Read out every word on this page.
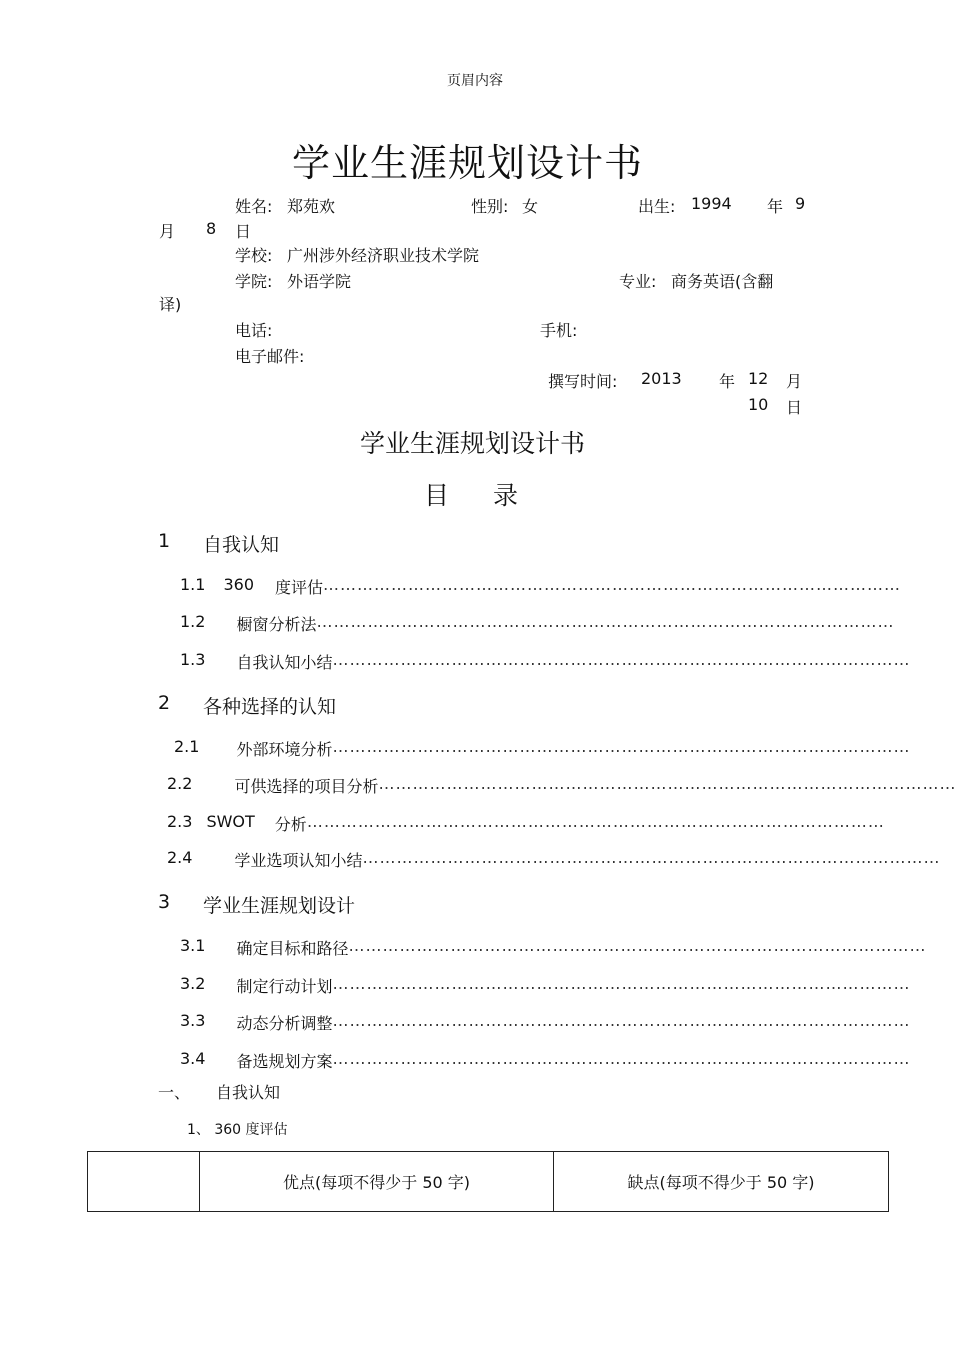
页眉内容
学业生涯规划设计书
姓名: 郑苑欢	性别: 女	出生: 1994 年 9
月 8 日
学校: 广州涉外经济职业技术学院
学院: 外语学院	专业: 商务英语(含翻
译)
电话:	手机:
电子邮件:
撰写时间: 2013 年 12 月
10 日
学业生涯规划设计书
目 录
1 自我认知
1.1 360 度评估 …………………………………………………………………………………………
1.2 橱窗分析法 …………………………………………………………………………………………
1.3 自我认知小结 …………………………………………………………………………………………
2 各种选择的认知
2.1 外部环境分析 …………………………………………………………………………………………
2.2	可供选择的项目分析 …………………………………………………………………………………………
2.3 SWOT 分析 …………………………………………………………………………………………
2.4	学业选项认知小结 …………………………………………………………………………………………
3 学业生涯规划设计
3.1 确定目标和路径 …………………………………………………………………………………………
3.2 制定行动计划 …………………………………………………………………………………………
3.3 动态分析调整 …………………………………………………………………………………………
3.4 备选规划方案 …………………………………………………………………………………………
一、 自我认知
1、 360 度评估
	优点(每项不得少于 50 字)	缺点(每项不得少于 50 字)
